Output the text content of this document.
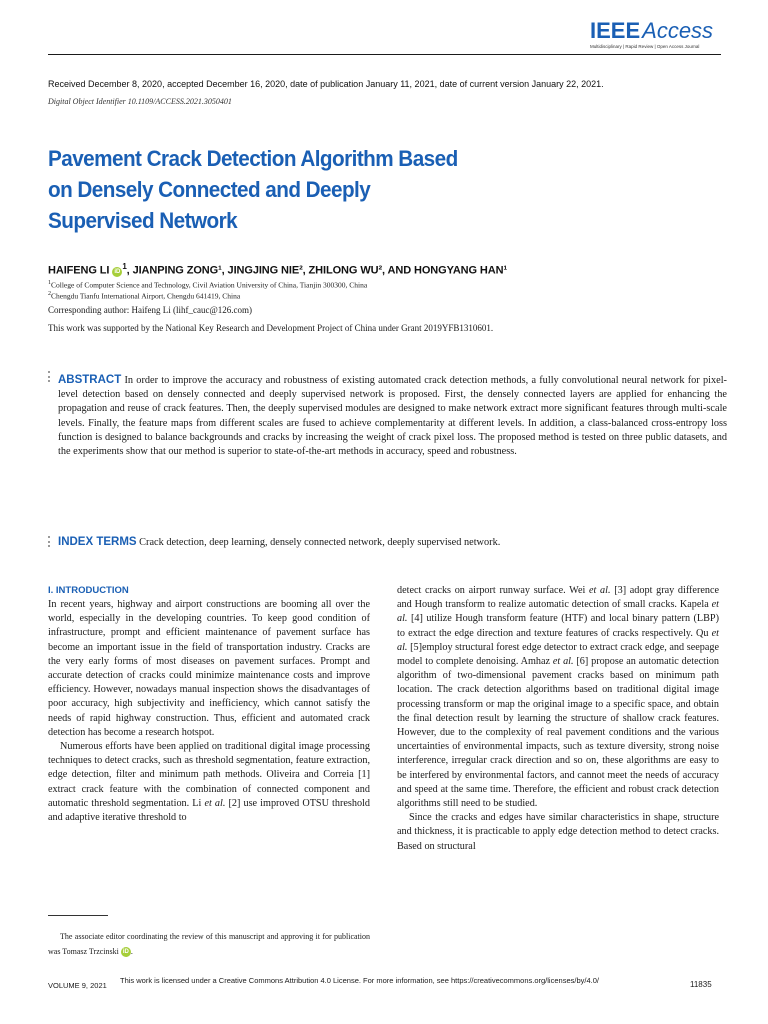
IEEEAccess
Multidisciplinary | Rapid Review | Open Access Journal
Received December 8, 2020, accepted December 16, 2020, date of publication January 11, 2021, date of current version January 22, 2021.
Digital Object Identifier 10.1109/ACCESS.2021.3050401
Pavement Crack Detection Algorithm Based
on Densely Connected and Deeply
Supervised Network
HAIFENG LI $iD^1$, JIANPING ZONG¹, JINGJING NIE², ZHILONG WU², AND HONGYANG HAN¹
$^1$College of Computer Science and Technology, Civil Aviation University of China, Tianjin 300300, China
$^2$Chengdu Tianfu International Airport, Chengdu 641419, China
Corresponding author: Haifeng Li (lihf_cauc@126.com)
This work was supported by the National Key Research and Development Project of China under Grant 2019YFB1310601.
ABSTRACT In order to improve the accuracy and robustness of existing automated crack detection methods, a fully convolutional neural network for pixel-level detection based on densely connected and deeply supervised network is proposed. First, the densely connected layers are applied for enhancing the propagation and reuse of crack features. Then, the deeply supervised modules are designed to make network extract more significant features through multi-scale levels. Finally, the feature maps from different scales are fused to achieve complementarity at different levels. In addition, a class-balanced cross-entropy loss function is designed to balance backgrounds and cracks by increasing the weight of crack pixel loss. The proposed method is tested on three public datasets, and the experiments show that our method is superior to state-of-the-art methods in accuracy, speed and robustness.
INDEX TERMS Crack detection, deep learning, densely connected network, deeply supervised network.
I. INTRODUCTION

In recent years, highway and airport constructions are booming all over the world, especially in the developing countries. To keep good condition of infrastructure, prompt and efficient maintenance of pavement surface has become an important issue in the field of transportation industry. Cracks are the very early forms of most diseases on pavement surfaces. Prompt and accurate detection of cracks could minimize maintenance costs and improve efficiency. However, nowadays manual inspection shows the disadvantages of poor accuracy, high subjectivity and inefficiency, which cannot satisfy the needs of rapid highway construction. Thus, efficient and automated crack detection has become a research hotspot.

Numerous efforts have been applied on traditional digital image processing techniques to detect cracks, such as threshold segmentation, feature extraction, edge detection, filter and minimum path methods. Oliveira and Correia [1] extract crack feature with the combination of connected component and automatic threshold segmentation. Li et al. [2] use improved OTSU threshold and adaptive iterative threshold to

The associate editor coordinating the review of this manuscript and approving it for publication was Tomasz Trzcinski iD .

detect cracks on airport runway surface. Wei et al. [3] adopt gray difference and Hough transform to realize automatic detection of small cracks. Kapela et al. [4] utilize Hough transform feature (HTF) and local binary pattern (LBP) to extract the edge direction and texture features of cracks respectively. Qu et al. [5]employ structural forest edge detector to extract crack edge, and seepage model to complete denoising. Amhaz et al. [6] propose an automatic detection algorithm of two-dimensional pavement cracks based on minimum path location. The crack detection algorithms based on traditional digital image processing transform or map the original image to a specific space, and obtain the final detection result by learning the structure of shallow crack features. However, due to the complexity of real pavement conditions and the various uncertainties of environmental impacts, such as texture diversity, strong noise interference, irregular crack direction and so on, these algorithms are easy to be interfered by environmental factors, and cannot meet the needs of accuracy and speed at the same time. Therefore, the efficient and robust crack detection algorithms still need to be studied.

Since the cracks and edges have similar characteristics in shape, structure and thickness, it is practicable to apply edge detection method to detect cracks. Based on structural

VOLUME 9, 2021
This work is licensed under a Creative Commons Attribution 4.0 License. For more information, see https://creativecommons.org/licenses/by/4.0/	11835
